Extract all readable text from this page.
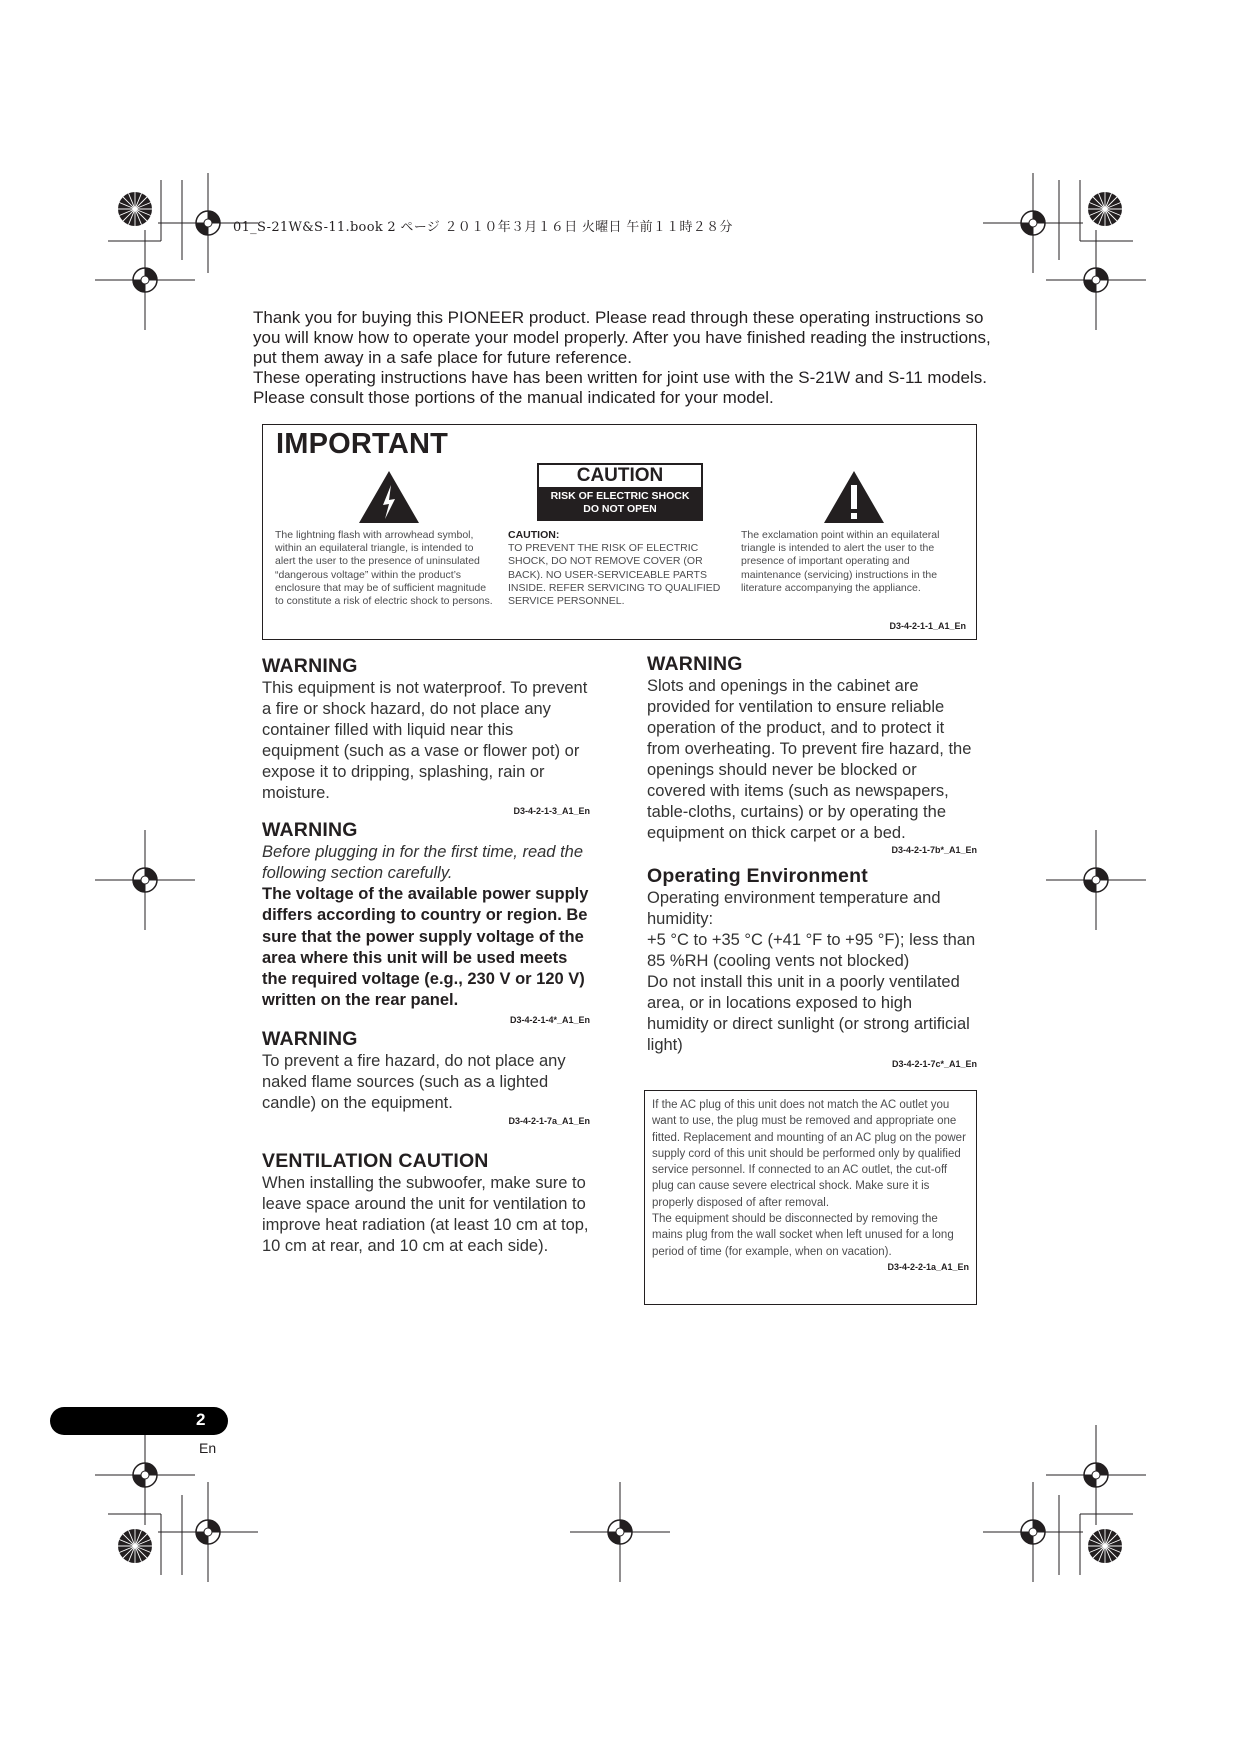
01_S-21W&S-11.book 2 ページ ２０１０年３月１６日 火曜日 午前１１時２８分

Thank you for buying this PIONEER product. Please read through these operating instructions so you will know how to operate your model properly. After you have finished reading the instructions, put them away in a safe place for future reference.

These operating instructions have has been written for joint use with the S-21W and S-11 models. Please consult those portions of the manual indicated for your model.

IMPORTANT
CAUTION
RISK OF ELECTRIC SHOCK
DO NOT OPEN
The lightning flash with arrowhead symbol, within an equilateral triangle, is intended to alert the user to the presence of uninsulated “dangerous voltage” within the product’s enclosure that may be of sufficient magnitude to constitute a risk of electric shock to persons.
CAUTION:
TO PREVENT THE RISK OF ELECTRIC SHOCK, DO NOT REMOVE COVER (OR BACK). NO USER-SERVICEABLE PARTS INSIDE. REFER SERVICING TO QUALIFIED SERVICE PERSONNEL.
The exclamation point within an equilateral triangle is intended to alert the user to the presence of important operating and maintenance (servicing) instructions in the literature accompanying the appliance.
D3-4-2-1-1_A1_En
WARNING
This equipment is not waterproof. To prevent a fire or shock hazard, do not place any container filled with liquid near this equipment (such as a vase or flower pot) or expose it to dripping, splashing, rain or moisture.
D3-4-2-1-3_A1_En
WARNING
Before plugging in for the first time, read the following section carefully.
The voltage of the available power supply differs according to country or region. Be sure that the power supply voltage of the area where this unit will be used meets the required voltage (e.g., 230 V or 120 V) written on the rear panel.
D3-4-2-1-4*_A1_En
WARNING
To prevent a fire hazard, do not place any naked flame sources (such as a lighted candle) on the equipment.
D3-4-2-1-7a_A1_En
VENTILATION CAUTION
When installing the subwoofer, make sure to leave space around the unit for ventilation to improve heat radiation (at least 10 cm at top, 10 cm at rear, and 10 cm at each side).
WARNING
Slots and openings in the cabinet are provided for ventilation to ensure reliable operation of the product, and to protect it from overheating. To prevent fire hazard, the openings should never be blocked or covered with items (such as newspapers, table-cloths, curtains) or by operating the equipment on thick carpet or a bed.
D3-4-2-1-7b*_A1_En
Operating Environment
Operating environment temperature and humidity:
+5 °C to +35 °C (+41 °F to +95 °F); less than 85 %RH (cooling vents not blocked)
Do not install this unit in a poorly ventilated area, or in locations exposed to high humidity or direct sunlight (or strong artificial light)
D3-4-2-1-7c*_A1_En
If the AC plug of this unit does not match the AC outlet you want to use, the plug must be removed and appropriate one fitted. Replacement and mounting of an AC plug on the power supply cord of this unit should be performed only by qualified service personnel. If connected to an AC outlet, the cut-off plug can cause severe electrical shock. Make sure it is properly disposed of after removal.
The equipment should be disconnected by removing the mains plug from the wall socket when left unused for a long period of time (for example, when on vacation).
D3-4-2-2-1a_A1_En
2
En
